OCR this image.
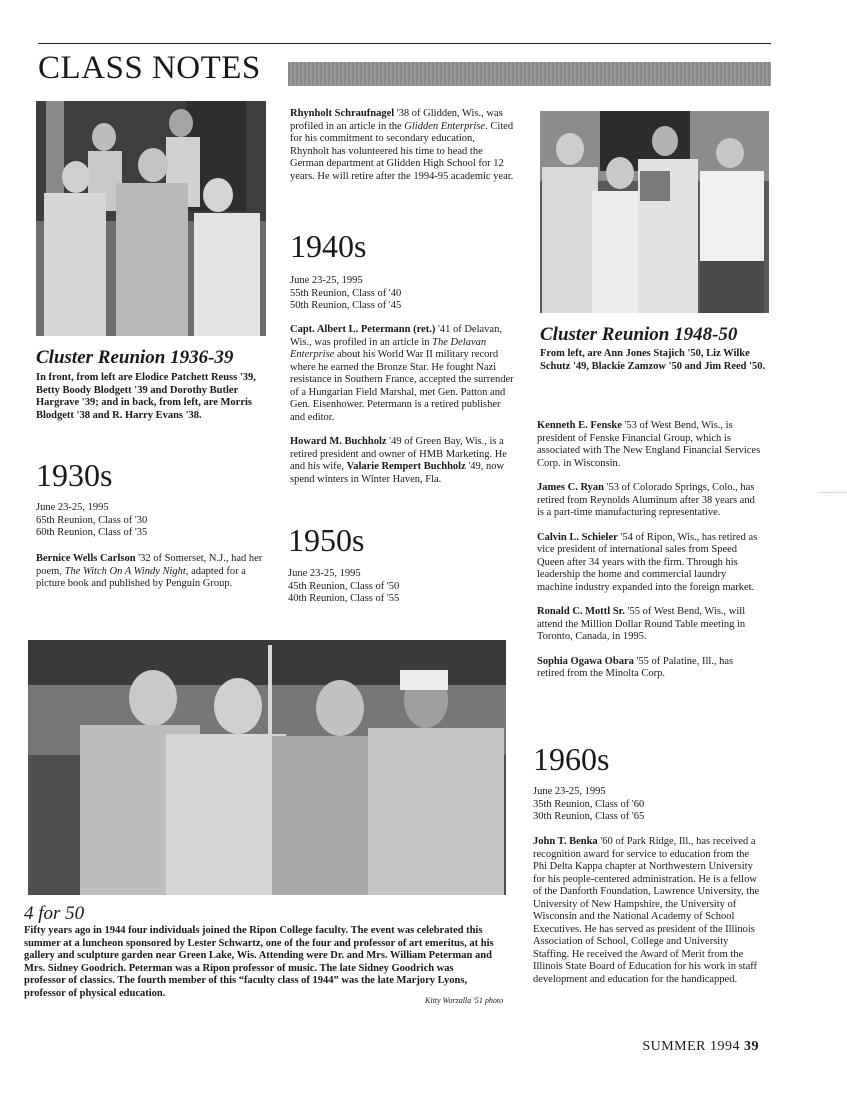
CLASS NOTES
Cluster Reunion 1936-39
In front, from left are Elodice Patchett Reuss '39, Betty Boody Blodgett '39 and Dorothy Butler Hargrave '39; and in back, from left, are Morris Blodgett '38 and R. Harry Evans '38.
1930s
June 23-25, 1995
65th Reunion, Class of '30
60th Reunion, Class of '35
Bernice Wells Carlson '32 of Somerset, N.J., had her poem, The Witch On A Windy Night, adapted for a picture book and published by Penguin Group.
Rhynholt Schraufnagel '38 of Glidden, Wis., was profiled in an article in the Glidden Enterprise. Cited for his commitment to secondary education, Rhynholt has volunteered his time to head the German department at Glidden High School for 12 years. He will retire after the 1994-95 academic year.
1940s
June 23-25, 1995
55th Reunion, Class of '40
50th Reunion, Class of '45
Capt. Albert L. Petermann (ret.) '41 of Delavan, Wis., was profiled in an article in The Delavan Enterprise about his World War II military record where he earned the Bronze Star. He fought Nazi resistance in Southern France, accepted the surrender of a Hungarian Field Marshal, met Gen. Patton and Gen. Eisenhower. Petermann is a retired publisher and editor.
Howard M. Buchholz '49 of Green Bay, Wis., is a retired president and owner of HMB Marketing. He and his wife, Valarie Rempert Buchholz '49, now spend winters in Winter Haven, Fla.
1950s
June 23-25, 1995
45th Reunion, Class of '50
40th Reunion, Class of '55
Cluster Reunion 1948-50
From left, are Ann Jones Stajich '50, Liz Wilke Schutz '49, Blackie Zamzow '50 and Jim Reed '50.
Kenneth E. Fenske '53 of West Bend, Wis., is president of Fenske Financial Group, which is associated with The New England Financial Services Corp. in Wisconsin.
James C. Ryan '53 of Colorado Springs, Colo., has retired from Reynolds Aluminum after 38 years and is a part-time manufacturing representative.
Calvin L. Schieler '54 of Ripon, Wis., has retired as vice president of international sales from Speed Queen after 34 years with the firm. Through his leadership the home and commercial laundry machine industry expanded into the foreign market.
Ronald C. Mottl Sr. '55 of West Bend, Wis., will attend the Million Dollar Round Table meeting in Toronto, Canada, in 1995.
Sophia Ogawa Obara '55 of Palatine, Ill., has retired from the Minolta Corp.
4 for 50
Fifty years ago in 1944 four individuals joined the Ripon College faculty. The event was celebrated this summer at a luncheon sponsored by Lester Schwartz, one of the four and professor of art emeritus, at his gallery and sculpture garden near Green Lake, Wis. Attending were Dr. and Mrs. William Peterman and Mrs. Sidney Goodrich. Peterman was a Ripon professor of music. The late Sidney Goodrich was professor of classics. The fourth member of this “faculty class of 1944” was the late Marjory Lyons, professor of physical education.
Kitty Worzalla '51 photo
1960s
June 23-25, 1995
35th Reunion, Class of '60
30th Reunion, Class of '65
John T. Benka '60 of Park Ridge, Ill., has received a recognition award for service to education from the Phi Delta Kappa chapter at Northwestern University for his people-centered administration. He is a fellow of the Danforth Foundation, Lawrence University, the University of New Hampshire, the University of Wisconsin and the National Academy of School Executives. He has served as president of the Illinois Association of School, College and University Staffing. He received the Award of Merit from the Illinois State Board of Education for his work in staff development and education for the handicapped.
SUMMER 1994 39
